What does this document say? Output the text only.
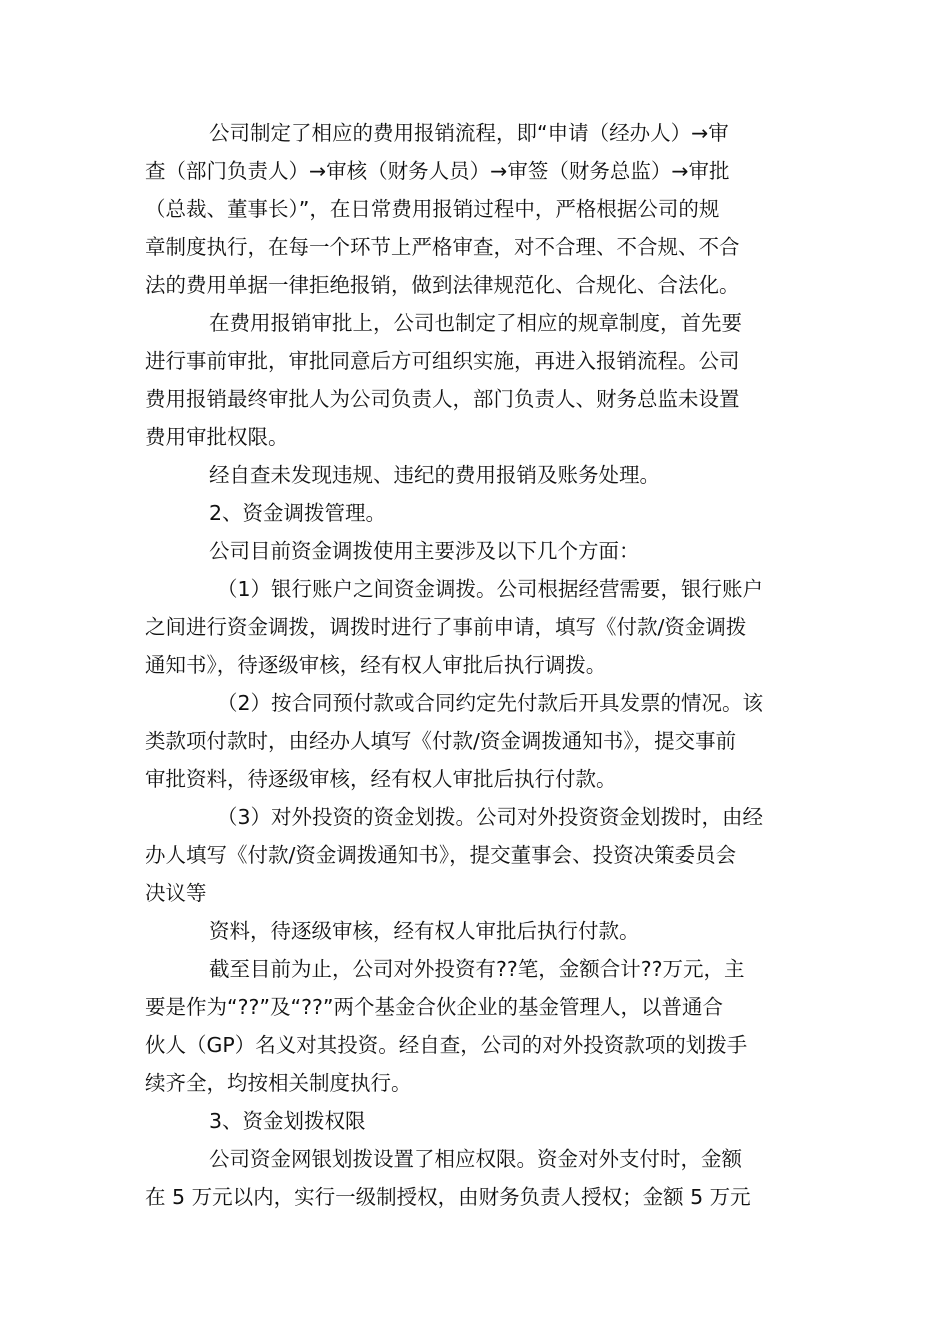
公司制定了相应的费用报销流程，即“申请（经办人）→审
查（部门负责人）→审核（财务人员）→审签（财务总监）→审批
（总裁、董事长）”，在日常费用报销过程中，严格根据公司的规
章制度执行，在每一个环节上严格审查，对不合理、不合规、不合
法的费用单据一律拒绝报销，做到法律规范化、合规化、合法化。

在费用报销审批上，公司也制定了相应的规章制度，首先要
进行事前审批，审批同意后方可组织实施，再进入报销流程。公司
费用报销最终审批人为公司负责人，部门负责人、财务总监未设置
费用审批权限。

经自查未发现违规、违纪的费用报销及账务处理。

2、资金调拨管理。

公司目前资金调拨使用主要涉及以下几个方面：

（1）银行账户之间资金调拨。公司根据经营需要，银行账户
之间进行资金调拨，调拨时进行了事前申请，填写《付款/资金调拨
通知书》，待逐级审核，经有权人审批后执行调拨。

（2）按合同预付款或合同约定先付款后开具发票的情况。该
类款项付款时，由经办人填写《付款/资金调拨通知书》，提交事前
审批资料，待逐级审核，经有权人审批后执行付款。

（3）对外投资的资金划拨。公司对外投资资金划拨时，由经
办人填写《付款/资金调拨通知书》，提交董事会、投资决策委员会
决议等

资料，待逐级审核，经有权人审批后执行付款。

截至目前为止，公司对外投资有??笔，金额合计??万元，主
要是作为“??”及“??”两个基金合伙企业的基金管理人，以普通合
伙人（GP）名义对其投资。经自查，公司的对外投资款项的划拨手
续齐全，均按相关制度执行。

3、资金划拨权限

公司资金网银划拨设置了相应权限。资金对外支付时，金额
在 5 万元以内，实行一级制授权，由财务负责人授权；金额 5 万元
